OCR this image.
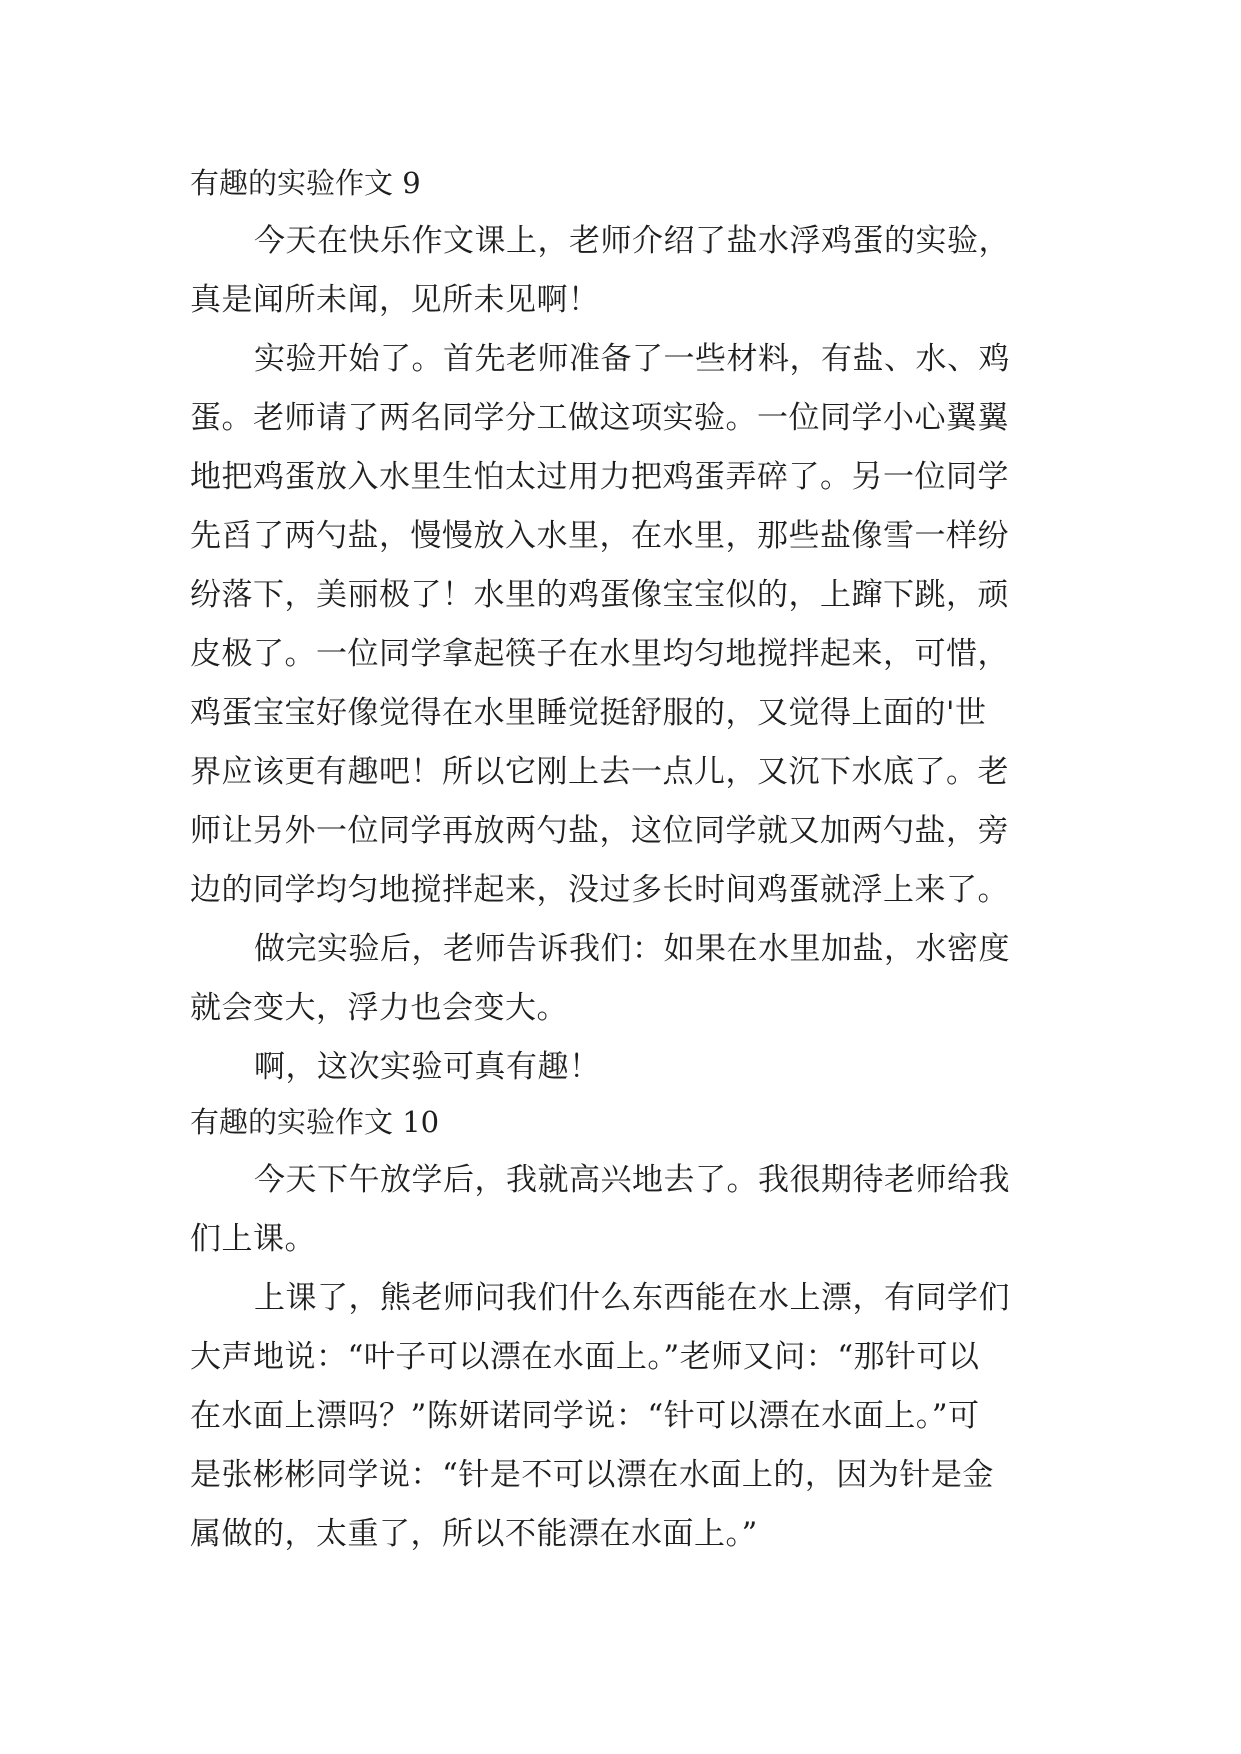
有趣的实验作文 9
今天在快乐作文课上，老师介绍了盐水浮鸡蛋的实验，
真是闻所未闻，见所未见啊！
实验开始了。首先老师准备了一些材料，有盐、水、鸡
蛋。老师请了两名同学分工做这项实验。一位同学小心翼翼
地把鸡蛋放入水里生怕太过用力把鸡蛋弄碎了。另一位同学
先舀了两勺盐，慢慢放入水里，在水里，那些盐像雪一样纷
纷落下，美丽极了！水里的鸡蛋像宝宝似的，上蹿下跳，顽
皮极了。一位同学拿起筷子在水里均匀地搅拌起来，可惜，
鸡蛋宝宝好像觉得在水里睡觉挺舒服的，又觉得上面的'世
界应该更有趣吧！所以它刚上去一点儿，又沉下水底了。老
师让另外一位同学再放两勺盐，这位同学就又加两勺盐，旁
边的同学均匀地搅拌起来，没过多长时间鸡蛋就浮上来了。
做完实验后，老师告诉我们：如果在水里加盐，水密度
就会变大，浮力也会变大。
啊，这次实验可真有趣！
有趣的实验作文 10
今天下午放学后，我就高兴地去了。我很期待老师给我
们上课。
上课了，熊老师问我们什么东西能在水上漂，有同学们
大声地说：“叶子可以漂在水面上。”老师又问：“那针可以
在水面上漂吗？”陈妍诺同学说：“针可以漂在水面上。”可
是张彬彬同学说：“针是不可以漂在水面上的，因为针是金
属做的，太重了，所以不能漂在水面上。”
